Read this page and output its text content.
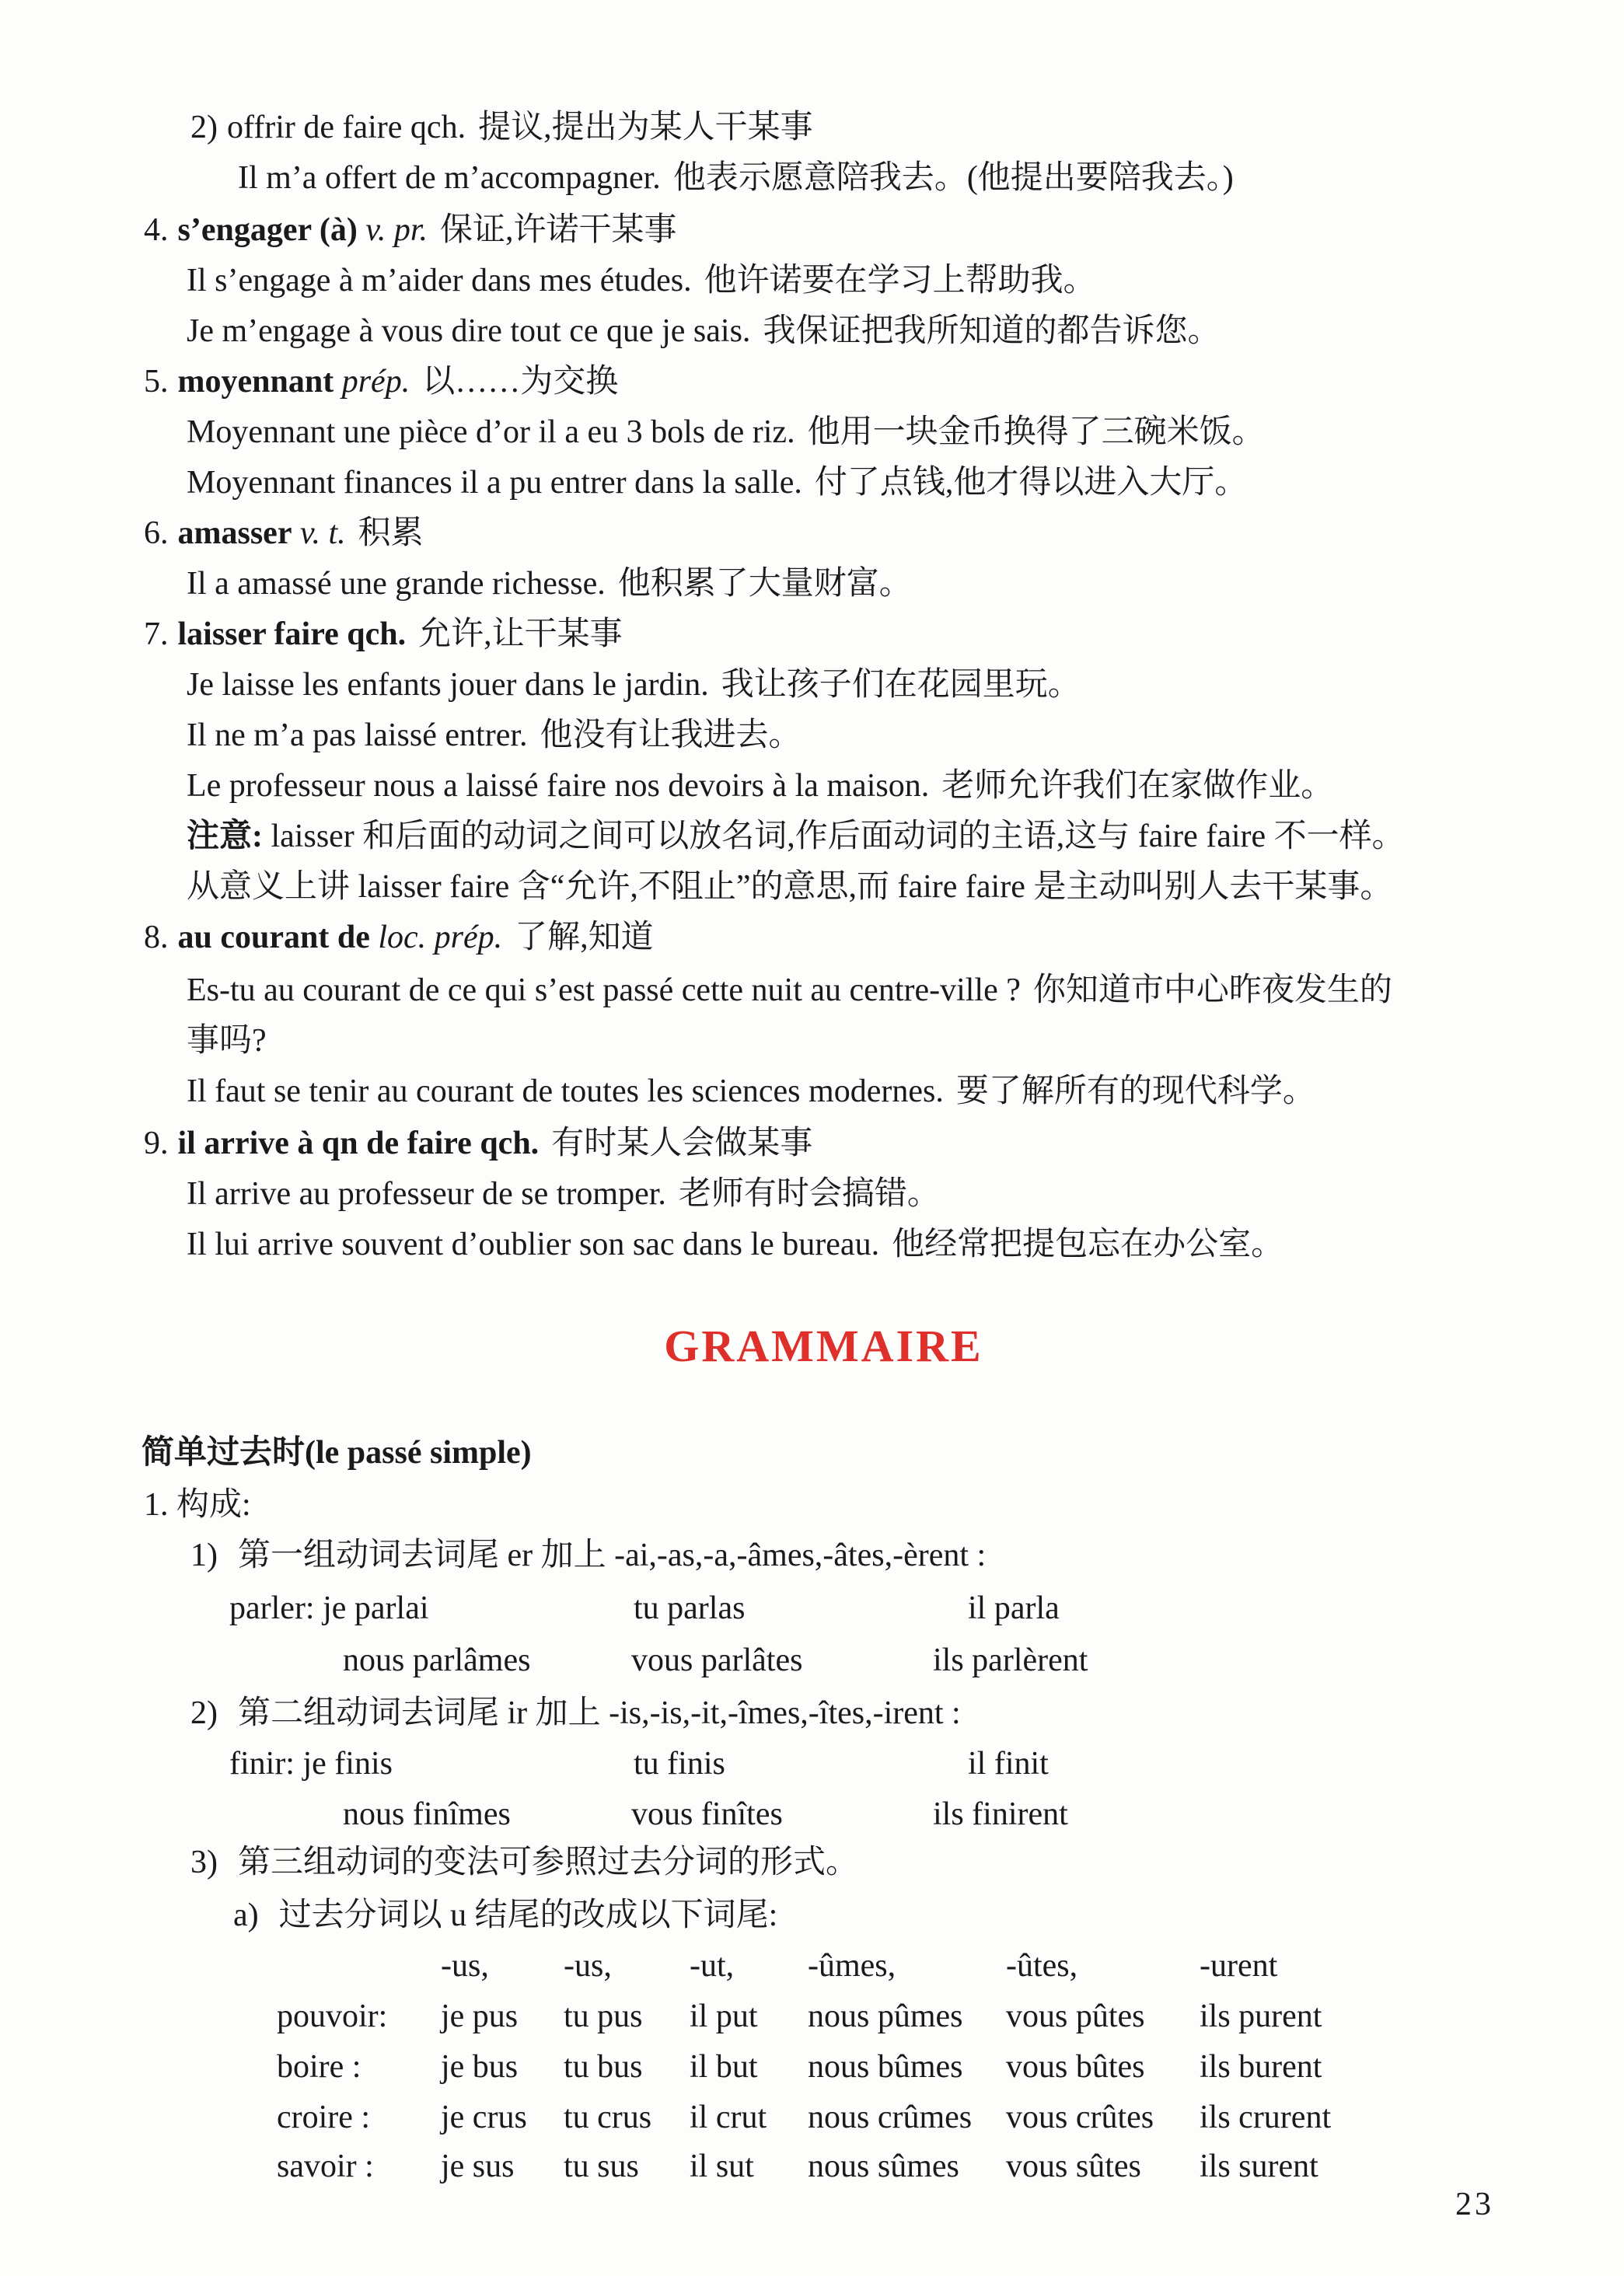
2) offrir de faire qch. 提议,提出为某人干某事
Il m’a offert de m’accompagner. 他表示愿意陪我去。(他提出要陪我去。)
4. s’engager (à) v. pr. 保证,许诺干某事
Il s’engage à m’aider dans mes études. 他许诺要在学习上帮助我。
Je m’engage à vous dire tout ce que je sais. 我保证把我所知道的都告诉您。
5. moyennant prép. 以……为交换
Moyennant une pièce d’or il a eu 3 bols de riz. 他用一块金币换得了三碗米饭。
Moyennant finances il a pu entrer dans la salle. 付了点钱,他才得以进入大厅。
6. amasser v. t. 积累
Il a amassé une grande richesse. 他积累了大量财富。
7. laisser faire qch. 允许,让干某事
Je laisse les enfants jouer dans le jardin. 我让孩子们在花园里玩。
Il ne m’a pas laissé entrer. 他没有让我进去。
Le professeur nous a laissé faire nos devoirs à la maison. 老师允许我们在家做作业。
注意: laisser 和后面的动词之间可以放名词,作后面动词的主语,这与 faire faire 不一样。
从意义上讲 laisser faire 含“允许,不阻止”的意思,而 faire faire 是主动叫别人去干某事。
8. au courant de loc. prép. 了解,知道
Es-tu au courant de ce qui s’est passé cette nuit au centre-ville ? 你知道市中心昨夜发生的
事吗?
Il faut se tenir au courant de toutes les sciences modernes. 要了解所有的现代科学。
9. il arrive à qn de faire qch. 有时某人会做某事
Il arrive au professeur de se tromper. 老师有时会搞错。
Il lui arrive souvent d’oublier son sac dans le bureau. 他经常把提包忘在办公室。
GRAMMAIRE
简单过去时(le passé simple)
1. 构成:
1) 第一组动词去词尾 er 加上 -ai,-as,-a,-âmes,-âtes,-èrent :
parler: je parlai	tu parlas	il parla
nous parlâmes	vous parlâtes	ils parlèrent
2) 第二组动词去词尾 ir 加上 -is,-is,-it,-îmes,-îtes,-irent :
finir: je finis	tu finis	il finit
nous finîmes	vous finîtes	ils finirent
3) 第三组动词的变法可参照过去分词的形式。
a) 过去分词以 u 结尾的改成以下词尾:
-us, -us, -ut, -ûmes,	-ûtes,	-urent
pouvoir: je pus tu pus il put nous pûmes vous pûtes ils purent
boire : je bus tu bus il but nous bûmes vous bûtes ils burent
croire : je crus tu crus il crut nous crûmes vous crûtes ils crurent
savoir : je sus tu sus il sut nous sûmes vous sûtes ils surent
23
